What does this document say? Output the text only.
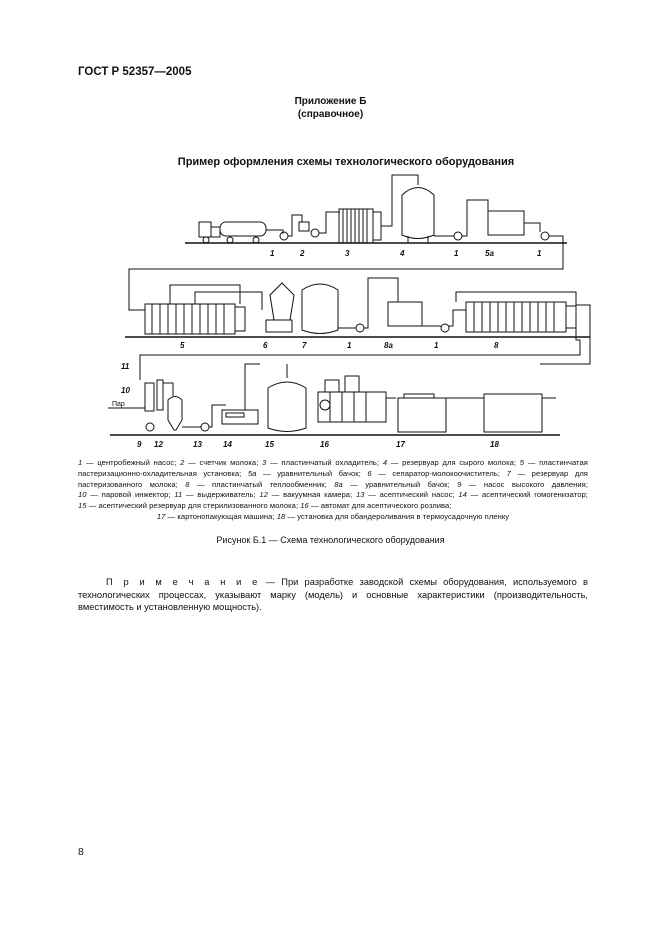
ГОСТ Р 52357—2005
Приложение Б
(справочное)
Пример оформления схемы технологического оборудования
1	2	3	4	1	5а	1
5	6	7	1	8а	1	8
11
10
9 12	13	14	15	16	17	18
Пар
1 — центробежный насос; 2 — счетчик молока; 3 — пластинчатый охладитель; 4 — резервуар для сырого молока; 5 — пластинчатая пастеризационно-охладительная установка; 5а — уравнительный бачок; 6 — сепаратор-молокоочиститель; 7 — резервуар для пастеризованного молока; 8 — пластинчатый теплообменник; 8а — уравнительный бачок; 9 — насос высокого давления; 10 — паровой инжектор; 11 — выдерживатель; 12 — вакуумная камера; 13 — асептический насос; 14 — асептический гомогенизатор; 15 — асептический резервуар для стерилизованного молока; 16 — автомат для асептического розлива;
17 — картонопакующая машина; 18 — установка для обандероливания в термоусадочную пленку
Рисунок Б.1 — Схема технологического оборудования
П р и м е ч а н и е — При разработке заводской схемы оборудования, используемого в технологических процессах, указывают марку (модель) и основные характеристики (производительность, вместимость и установленную мощность).
8
